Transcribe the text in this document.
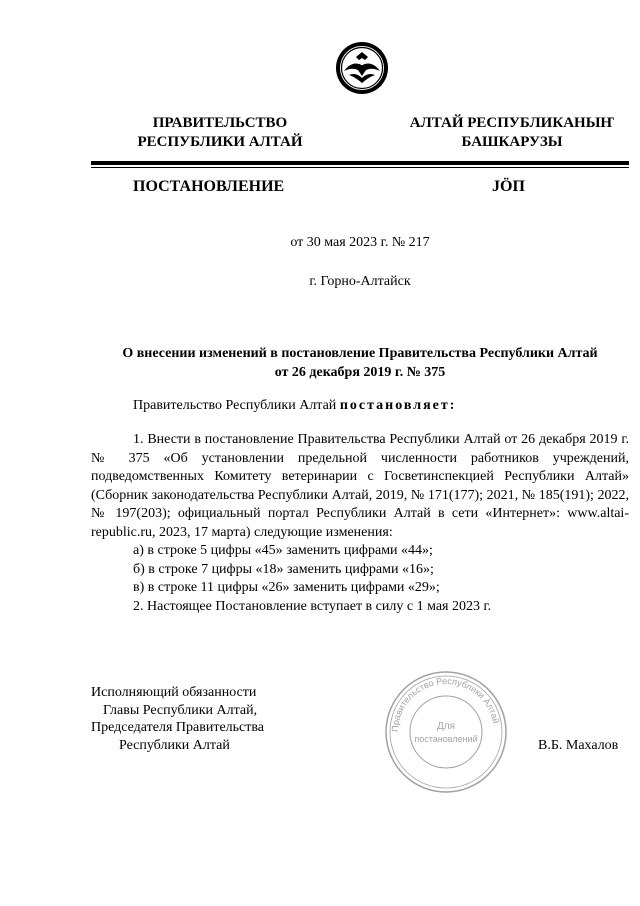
ПРАВИТЕЛЬСТВО
РЕСПУБЛИКИ АЛТАЙ
АЛТАЙ РЕСПУБЛИКАНЫҤ
БАШКАРУЗЫ
ПОСТАНОВЛЕНИЕ	JÖП
от 30 мая 2023 г. № 217
г. Горно-Алтайск
О внесении изменений в постановление Правительства Республики Алтай
от 26 декабря 2019 г. № 375
Правительство Республики Алтай постановляет:

1. Внести в постановление Правительства Республики Алтай от 26 декабря 2019 г. № 375 «Об установлении предельной численности работников учреждений, подведомственных Комитету ветеринарии с Госветинспекцией Республики Алтай» (Сборник законодательства Республики Алтай, 2019, № 171(177); 2021, № 185(191); 2022, № 197(203); официальный портал Республики Алтай в сети «Интернет»: www.altai-republic.ru, 2023, 17 марта) следующие изменения:

а) в строке 5 цифры «45» заменить цифрами «44»;

б) в строке 7 цифры «18» заменить цифрами «16»;

в) в строке 11 цифры «26» заменить цифрами «29»;

2. Настоящее Постановление вступает в силу с 1 мая 2023 г.

Исполняющий обязанности
Главы Республики Алтай,
Председателя Правительства
Республики Алтай
Правительство Республики Алтай
Для
постановлений	В.Б. Махалов
